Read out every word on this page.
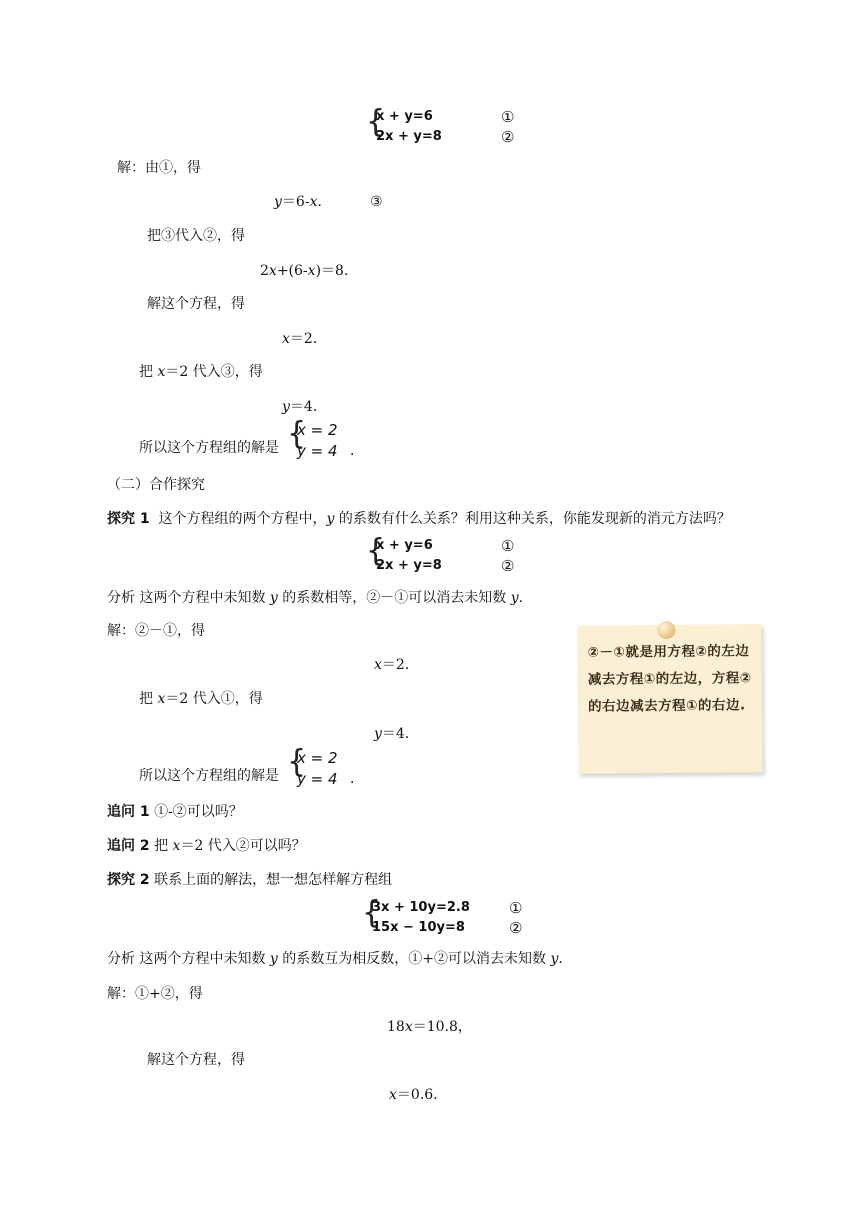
{
x + y=6
2x + y=8
①
②
解：由①，得
y＝6-x．	③
把③代入②，得
2x+(6-x)＝8．
解这个方程，得
x＝2．
把 x＝2 代入③，得
y＝4．
所以这个方程组的解是 {
x = 2
y = 4 ．
（二）合作探究
探究 1 这个方程组的两个方程中，y 的系数有什么关系？利用这种关系，你能发现新的消元方法吗？
{
x + y=6
2x + y=8
①
②
分析 这两个方程中未知数 y 的系数相等，②－①可以消去未知数 y.
解：②－①，得
x＝2．
把 x＝2 代入①，得
y＝4．
所以这个方程组的解是 {
x = 2
y = 4 ．
②－①就是用方程②的左边减去方程①的左边，方程②的右边减去方程①的右边.
追问 1 ①-②可以吗？
追问 2 把 x＝2 代入②可以吗？
探究 2 联系上面的解法，想一想怎样解方程组
{
3x + 10y=2.8
15x − 10y=8
①
②
分析 这两个方程中未知数 y 的系数互为相反数，①+②可以消去未知数 y.
解：①+②，得
18x＝10.8，
解这个方程，得
x＝0.6.
